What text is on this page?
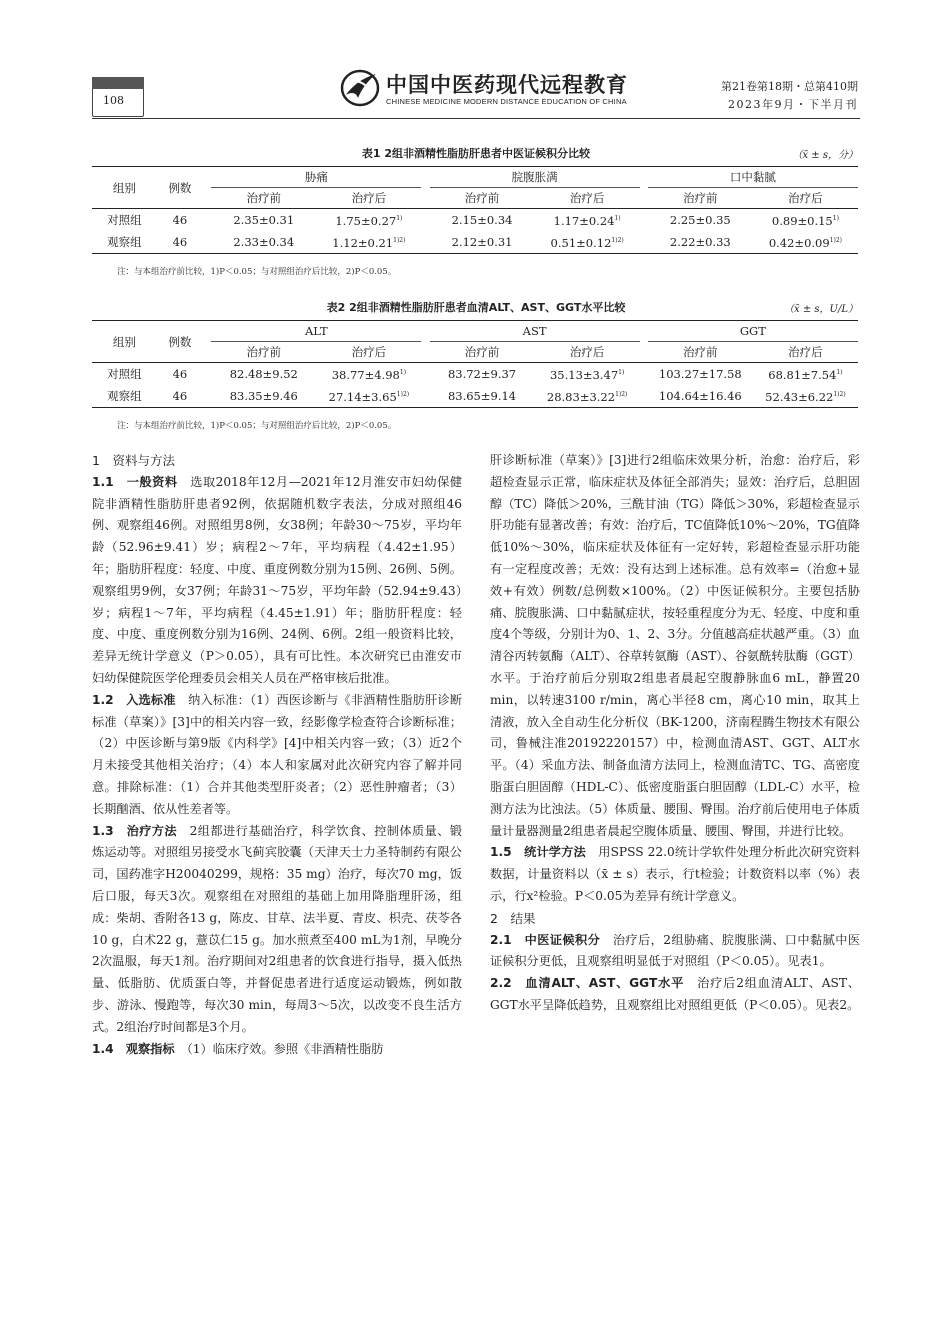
108
中国中医药现代远程教育
CHINESE MEDICINE MODERN DISTANCE EDUCATION OF CHINA
第21卷第18期・总第410期
2023年9月・下半月刊
表1 2组非酒精性脂肪肝患者中医证候积分比较	（x̄ ± s，分）
组别	例数		胁痛			脘腹胀满			口中黏腻	
			治疗前	治疗后		治疗前	治疗后		治疗前	治疗后
对照组	46		2.35±0.31	$1.75\pm 0.27^{1)}$		2.15±0.34	$1.17\pm 0.24^{1)}$		2.25±0.35	$0.89\pm 0.15^{1)}$
观察组	46		2.33±0.34	$1.12\pm 0.21^{1)2)}$		2.12±0.31	$0.51\pm 0.12^{1)2)}$		2.22±0.33	$0.42\pm 0.09^{1)2)}$
注：与本组治疗前比较，1)P＜0.05；与对照组治疗后比较，2)P＜0.05。
表2 2组非酒精性脂肪肝患者血清ALT、AST、GGT水平比较	（x̄ ± s，U/L）
组别	例数		ALT			AST			GGT	
			治疗前	治疗后		治疗前	治疗后		治疗前	治疗后
对照组	46		82.48±9.52	$38.77\pm 4.98^{1)}$		83.72±9.37	$35.13\pm 3.47^{1)}$		103.27±17.58	$68.81\pm 7.54^{1)}$
观察组	46		83.35±9.46	$27.14\pm 3.65^{1)2)}$		83.65±9.14	$28.83\pm 3.22^{1)2)}$		104.64±16.46	$52.43\pm 6.22^{1)2)}$
注：与本组治疗前比较，1)P＜0.05；与对照组治疗后比较，2)P＜0.05。

1　资料与方法

1.1　一般资料　 选取2018年12月—2021年12月淮安市妇幼保健院非酒精性脂肪肝患者92例，依据随机数字表法，分成对照组46例、观察组46例。对照组男8例，女38例；年龄30～75岁，平均年龄（52.96±9.41）岁；病程2～7年，平均病程（4.42±1.95）年；脂肪肝程度：轻度、中度、重度例数分别为15例、26例、5例。观察组男9例，女37例；年龄31～75岁，平均年龄（52.94±9.43）岁；病程1～7年，平均病程（4.45±1.91）年；脂肪肝程度：轻度、中度、重度例数分别为16例、24例、6例。2组一般资料比较，差异无统计学意义（P＞0.05），具有可比性。本次研究已由淮安市妇幼保健院医学伦理委员会相关人员在严格审核后批准。

1.2　入选标准　 纳入标准：（1）西医诊断与《非酒精性脂肪肝诊断标准（草案）》[3]中的相关内容一致，经影像学检查符合诊断标准；（2）中医诊断与第9版《内科学》[4]中相关内容一致；（3）近2个月未接受其他相关治疗；（4）本人和家属对此次研究内容了解并同意。排除标准：（1）合并其他类型肝炎者；（2）恶性肿瘤者；（3）长期酗酒、依从性差者等。

1.3　治疗方法　 2组都进行基础治疗，科学饮食、控制体质量、锻炼运动等。对照组另接受水飞蓟宾胶囊（天津天士力圣特制药有限公司，国药准字H20040299，规格：35 mg）治疗，每次70 mg，饭后口服，每天3次。观察组在对照组的基础上加用降脂理肝汤，组成：柴胡、香附各13 g，陈皮、甘草、法半夏、青皮、枳壳、茯苓各10 g，白术22 g，薏苡仁15 g。加水煎煮至400 mL为1剂，早晚分2次温服，每天1剂。治疗期间对2组患者的饮食进行指导，摄入低热量、低脂肪、优质蛋白等，并督促患者进行适度运动锻炼，例如散步、游泳、慢跑等，每次30 min，每周3～5次，以改变不良生活方式。2组治疗时间都是3个月。

1.4　观察指标　 （1）临床疗效。参照《非酒精性脂肪

肝诊断标准（草案）》[3]进行2组临床效果分析，治愈：治疗后，彩超检查显示正常，临床症状及体征全部消失；显效：治疗后，总胆固醇（TC）降低＞20%，三酰甘油（TG）降低＞30%，彩超检查显示肝功能有显著改善；有效：治疗后，TC值降低10%～20%，TG值降低10%～30%，临床症状及体征有一定好转，彩超检查显示肝功能有一定程度改善；无效：没有达到上述标准。总有效率=（治愈+显效+有效）例数/总例数×100%。（2）中医证候积分。主要包括胁痛、脘腹胀满、口中黏腻症状，按轻重程度分为无、轻度、中度和重度4个等级，分别计为0、1、2、3分。分值越高症状越严重。（3）血清谷丙转氨酶（ALT）、谷草转氨酶（AST）、谷氨酰转肽酶（GGT）水平。于治疗前后分别取2组患者晨起空腹静脉血6 mL，静置20 min，以转速3100 r/min，离心半径8 cm，离心10 min，取其上清液，放入全自动生化分析仪（BK-1200，济南程腾生物技术有限公司，鲁械注准20192220157）中，检测血清AST、GGT、ALT水平。（4）采血方法、制备血清方法同上，检测血清TC、TG、高密度脂蛋白胆固醇（HDL-C）、低密度脂蛋白胆固醇（LDL-C）水平，检测方法为比浊法。（5）体质量、腰围、臀围。治疗前后使用电子体质量计量器测量2组患者晨起空腹体质量、腰围、臀围，并进行比较。

1.5　统计学方法　 用SPSS 22.0统计学软件处理分析此次研究资料数据，计量资料以（x̄ ± s）表示，行t检验；计数资料以率（%）表示，行x²检验。P＜0.05为差异有统计学意义。

2　结果

2.1　中医证候积分　 治疗后，2组胁痛、脘腹胀满、口中黏腻中医证候积分更低，且观察组明显低于对照组（P＜0.05）。见表1。

2.2　血清ALT、AST、GGT水平　 治疗后2组血清ALT、AST、GGT水平呈降低趋势，且观察组比对照组更低（P＜0.05）。见表2。
